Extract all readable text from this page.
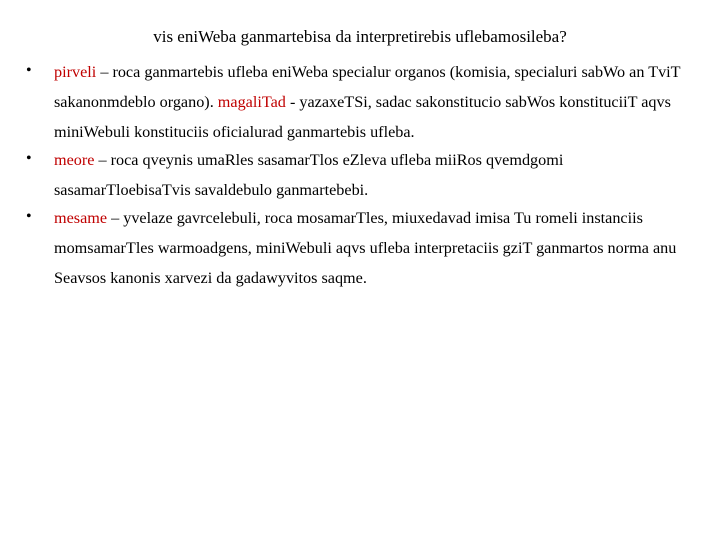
vis eniWeba ganmartebisa da interpretirebis uflebamosileba?
• pirveli – roca ganmartebis ufleba eniWeba specialur organos (komisia, specialuri sabWo an TviT sakanonmdeblo organo). magaliTad - yazaxeTSi, sadac sakonstitucio sabWos konstituciiT aqvs miniWebuli konstituciis oficialurad ganmartebis ufleba.
• meore – roca qveynis umaRles sasamarTlos eZleva ufleba miiRos qvemdgomi sasamarTloebisaTvis savaldebulo ganmartebebi.
• mesame – yvelaze gavrcelebuli, roca mosamarTles, miuxedavad imisa Tu romeli instanciis momsamarTles warmoadgens, miniWebuli aqvs ufleba interpretaciis gziT ganmartos norma anu Seavsos kanonis xarvezi da gadawyvitos saqme.
